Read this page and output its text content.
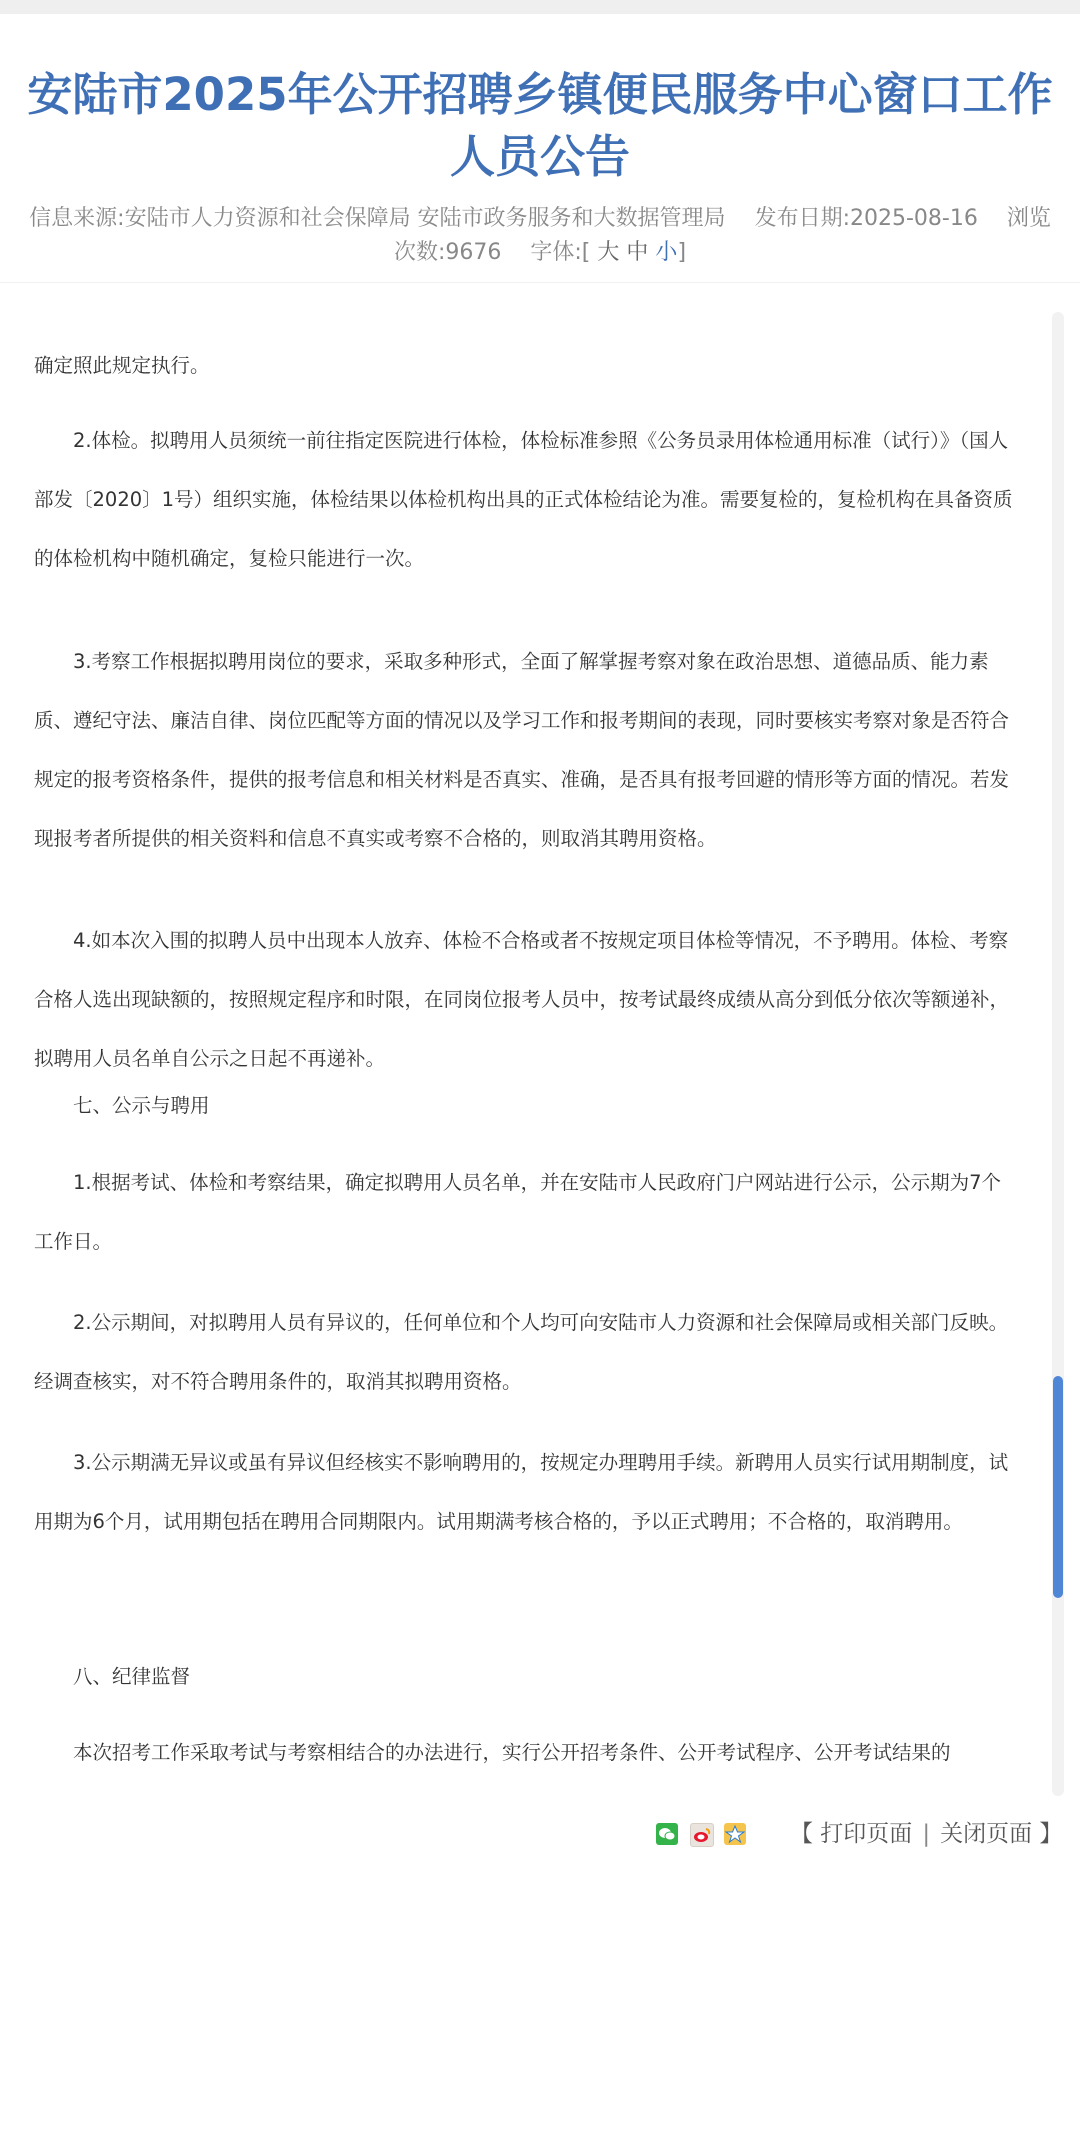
安陆市2025年公开招聘乡镇便民服务中心窗口工作
人员公告
信息来源:安陆市人力资源和社会保障局 安陆市政务服务和大数据管理局　 发布日期:2025-08-16　 浏览次数:9676　 字体:[ 大 中 小]

确定照此规定执行。

2.体检。拟聘用人员须统一前往指定医院进行体检，体检标准参照《公务员录用体检通用标准（试行）》（国人部发〔2020〕1号）组织实施，体检结果以体检机构出具的正式体检结论为准。需要复检的，复检机构在具备资质的体检机构中随机确定，复检只能进行一次。

3.考察工作根据拟聘用岗位的要求，采取多种形式，全面了解掌握考察对象在政治思想、道德品质、能力素质、遵纪守法、廉洁自律、岗位匹配等方面的情况以及学习工作和报考期间的表现，同时要核实考察对象是否符合规定的报考资格条件，提供的报考信息和相关材料是否真实、准确，是否具有报考回避的情形等方面的情况。若发现报考者所提供的相关资料和信息不真实或考察不合格的，则取消其聘用资格。

4.如本次入围的拟聘人员中出现本人放弃、体检不合格或者不按规定项目体检等情况，不予聘用。体检、考察合格人选出现缺额的，按照规定程序和时限，在同岗位报考人员中，按考试最终成绩从高分到低分依次等额递补，拟聘用人员名单自公示之日起不再递补。

七、公示与聘用

1.根据考试、体检和考察结果，确定拟聘用人员名单，并在安陆市人民政府门户网站进行公示，公示期为7个工作日。

2.公示期间，对拟聘用人员有异议的，任何单位和个人均可向安陆市人力资源和社会保障局或相关部门反映。经调查核实，对不符合聘用条件的，取消其拟聘用资格。

3.公示期满无异议或虽有异议但经核实不影响聘用的，按规定办理聘用手续。新聘用人员实行试用期制度，试用期为6个月，试用期包括在聘用合同期限内。试用期满考核合格的，予以正式聘用；不合格的，取消聘用。

八、纪律监督

本次招考工作采取考试与考察相结合的办法进行，实行公开招考条件、公开考试程序、公开考试结果的

【 打印页面 | 关闭页面 】
